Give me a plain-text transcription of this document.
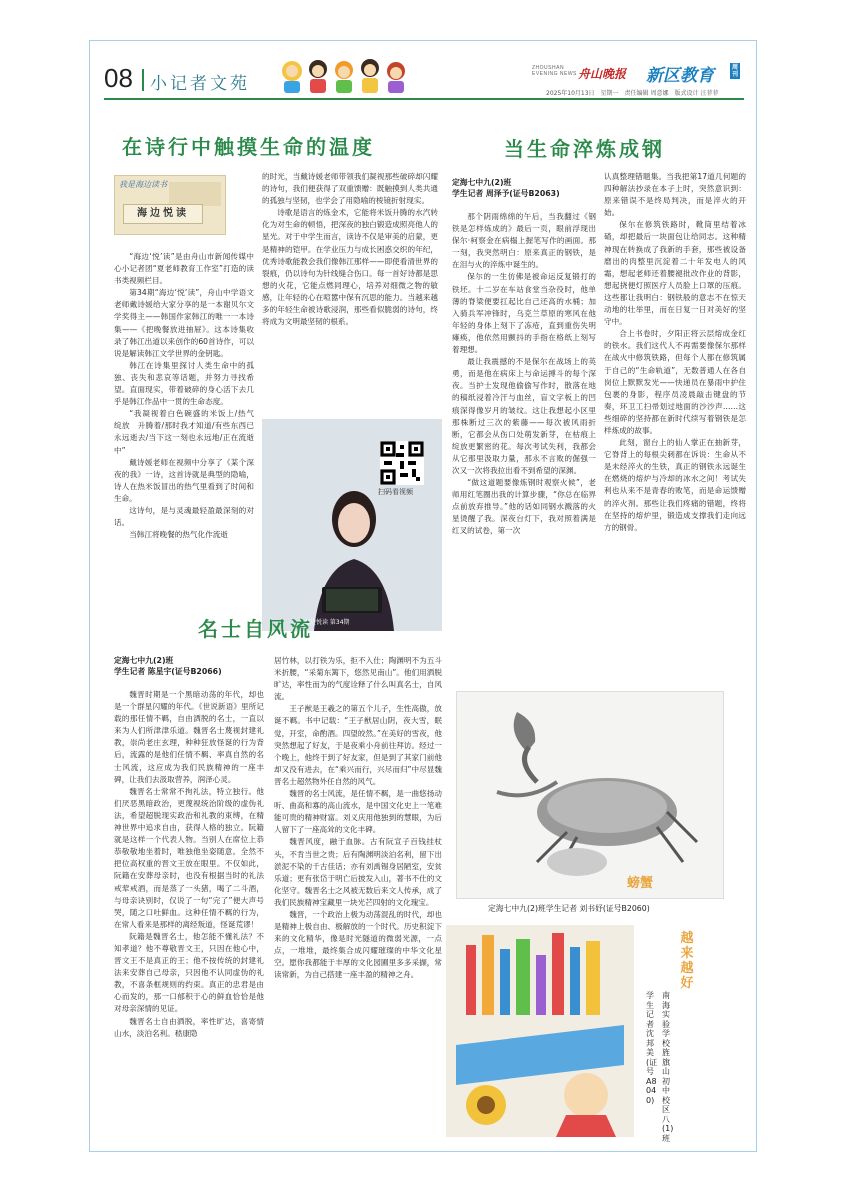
08 小记者文苑
ZHOUSHAN
EVENING NEWS 舟山晚报 新区教育	周刊
2025年10月13日　星期一　责任编辑 周意娜　版式设计 汪菲菲
在诗行中触摸生命的温度
我是海边读书
海边悦读

“海边‘悦’读”是由舟山市新闻传媒中心小记者团“夏老师教育工作室”打造的读书类视频栏目。

第34期“海边‘悦’读”，舟山中学语文老师戴诗媛给大家分享的是一本谢贝尔文学奖得主——韩国作家韩江的唯一一本诗集——《把晚餐放进抽屉》。这本诗集收录了韩江出道以来创作的60首诗作，可以说是解读韩江文学世界的金钥匙。

韩江在诗集里探讨人类生命中的孤独、丧失和悲哀等话题，并努力寻找希望。直面现实，带着破碎的身心活下去几乎是韩江作品中一贯的生命态度。

“我凝视着白色碗盛的米饭上/热气　绽放　升腾着/那时我才知道/有些东西已永远逝去/当下这一刻也永远地/正在流逝中”

戴诗媛老师在视频中分享了《某个深夜的我》一诗，这首诗就是典型的隐喻，诗人在热米饭冒出的热气里看到了时间和生命。

这诗句，是与灵魂最轻盈最深刻的对话。

当韩江将晚餐的热气化作流逝

的时光，当戴诗媛老师带领我们凝视那些破碎却闪耀的诗句，我们便获得了双重馈赠：既触摸到人类共通的孤独与坚韧，也学会了用隐喻的棱镜折射现实。

诗歌是语言的炼金术，它能将米饭升腾的水汽转化为对生命的顿悟，把深夜的独白锻造成照亮他人的星光。对于中学生而言，读诗不仅是审美的启蒙，更是精神的铠甲。在学业压力与成长困惑交织的年纪，优秀诗歌能教会我们像韩江那样——即使看清世界的裂痕，仍以诗句为针线缝合伤口。每一首好诗都是思想的火花，它能点燃同理心，培养对细微之物的敏感，让年轻的心在喧嚣中保有沉思的能力。当越来越多的年轻生命被诗歌浸润，那些看似脆弱的诗句，终将成为文明最坚韧的根系。

扫码看视频
海边悦读 第34期
名士自风流
定海七中九(2)班
学生记者 陈星宇(证号B2066)

魏晋时期是一个黑暗动荡的年代，却也是一个群星闪耀的年代。《世说新语》里所记载的那任情不羁，自由洒脱的名士，一直以来为人们所津津乐道。魏晋名士蔑视封建礼教，崇尚老庄玄理，种种狂放怪诞的行为背后，流露的是他们任情不羁、率真自然的名士风流，这应成为我们民族精神的一座丰碑，让我们去汲取营养，润泽心灵。

魏晋名士常常不拘礼法，特立独行。他们厌恶黑暗政治，更蔑视统治阶级的虚伪礼法，希望超脱现实政治和礼教的束缚，在精神世界中追求自由，获得人格的独立。阮籍就是这样一个代表人物。当别人在席位上恭恭敬敬地坐着时，唯独他坐姿随意。全然不把位高权重的晋文王放在眼里。不仅如此，阮籍在安葬母亲时，也没有根据当时的礼法戒荤戒酒，而是蒸了一头猪，喝了二斗酒，与母亲诀别时，仅说了一句“完了”便大声号哭，随之口吐鲜血。这种任情不羁的行为，在常人看来是那样的离经叛道，怪诞荒谬！

阮籍是魏晋名士，他怎能不懂礼法？不知孝道？他不尊敬晋文王，只因在他心中，晋文王不是真正的王；他不按传统的封建礼法来安葬自己母亲，只因他不认同虚伪的礼教，不喜条框规则的约束。真正的忠君是由心而发的，那一口郁积于心的鲜血恰恰是他对母亲深情的见证。

魏晋名士自由洒脱，率性旷达，喜寄情山水，淡泊名利。嵇康隐

居竹林，以打铁为乐，拒不入仕；陶渊明不为五斗米折腰，“采菊东篱下，悠然见南山”。他们用洒脱旷达，率性而为的气度诠释了什么叫真名士，自风流。

王子猷是王羲之的第五个儿子，生性高傲，放诞不羁。书中记载：“王子猷居山阴，夜大雪，眠觉，开室，命酌酒。四望皎然。”在美好的雪夜，他突然想起了好友，于是夜乘小舟前往拜访。经过一个晚上，他终于到了好友家，但是到了其家门前他却又没有进去，在“乘兴而行，兴尽而归”中尽显魏晋名士超然物外任自然的风气。

魏晋的名士风流，是任情不羁，是一曲悠扬动听、曲高和寡的高山流水，是中国文化史上一笔难能可贵的精神财富。刘义庆用他独到的慧眼，为后人留下了一座高耸的文化丰碑。

魏晋风度，融于血脉。古有阮宣子百钱挂杖头，不肯当世之贵；后有陶渊明淡泊名利，留下出淤泥不染的千古佳话；亦有刘禹锡身居陋室，安贫乐道；更有张岱于明亡后披发入山，著书不仕的文化坚守。魏晋名士之风被无数后来文人传承，成了我们民族精神宝藏里一块光芒四射的文化瑰宝。

魏晋，一个政治上极为动荡混乱的时代，却也是精神上极自由、极解放的一个时代。历史积淀下来的文化精华，像是时光隧道的微弱光源，一点点，一堆堆，最终集合成闪耀璀璨的中华文化星空。愿你我都能于丰厚的文化园圃里多多采撷，常读常新，为自己搭建一座丰盈的精神之舟。

当生命淬炼成钢
定海七中九(2)班
学生记者 周泽予(证号B2063)

那个阴雨绵绵的午后，当我翻过《钢铁是怎样炼成的》最后一页，眼前浮现出保尔·柯察金在病榻上握笔写作的画面。那一刻，我突然明白：原来真正的钢铁，是在泪与火的淬炼中诞生的。

保尔的一生仿佛是被命运反复锻打的铁坯。十二岁在车站食堂当杂役时，他单薄的脊梁便要扛起比自己还高的水桶；加入骑兵军冲锋时，乌克兰草原的寒风在他年轻的身体上刻下了冻疮，直到重伤失明瘫痪，他依然用颤抖的手指在格纸上刻写着理想。

最让我震撼的不是保尔在战场上的英勇，而是他在病床上与命运搏斗的每个深夜。当护士发现他偷偷写作时，散落在地的稿纸浸着冷汗与血丝，盲文字板上的凹痕深得像岁月的皱纹。这让我想起小区里那株断过三次的紫藤——每次被风雨折断，它都会从伤口处萌发新芽，在枯痕上绽放更繁密的花。每次考试失利，我都会从它那里汲取力量，那永不言败的倔强一次又一次将我拉出看不到希望的深渊。

“做这道题要像炼钢时观察火候”，老师用红笔圈出我的计算步骤，“你总在临界点前放弃推导。”他的话如同钢水溅落的火星烫醒了我。深夜台灯下，我对照着满是红叉的试卷，第一次

认真整理错题集。当我把第17道几何题的四种解法抄录在本子上时，突然意识到：原来错误不是终局判决，而是淬火的开始。

保尔在修筑铁路时，靴筒里结着冰碴，却把最后一块面包让给同志。这种精神现在转换成了我新的手套，那些被设备磨出的肉整里沉淀着二十年发电人的风霜，想起老师还着腰褪批改作业的背影，想起挠便灯照医疗人员脸上口罩的压痕。这些都让我明白：钢铁般的意志不在惊天动地的壮举里，而在日复一日对美好的坚守中。

合上书卷时，夕阳正将云层熔成金红的铁水。我们这代人不再需要像保尔那样在战火中修筑铁路，但每个人都在修筑属于自己的“生命轨道”，无数普通人在各自岗位上默默发光——快递员在暴雨中护住包裹的身影，程序员凌晨敲击键盘的节奏，环卫工扫帚划过地面的沙沙声……这些细碎的坚持都在新时代续写着钢铁是怎样炼成的故事。

此刻，窗台上的仙人掌正在抽新芽，它脊背上的每根尖刺都在诉说：生命从不是未经淬火的生铁，真正的钢铁永远诞生在燃烧的熔炉与冷却的冰水之间！考试失利也从来不是青春的败笔，而是命运馈赠的淬火剂。那些让我们疼痛的错题，终将在坚持的熔炉里，锻造成支撑我们走向远方的钢骨。

螃蟹
定海七中九(2)班学生记者 刘书妤(证号B2060)
越来越好
南海实验学校旌旗山初中校区八(1)班
学生记者 沈邦美(证号A8040)
